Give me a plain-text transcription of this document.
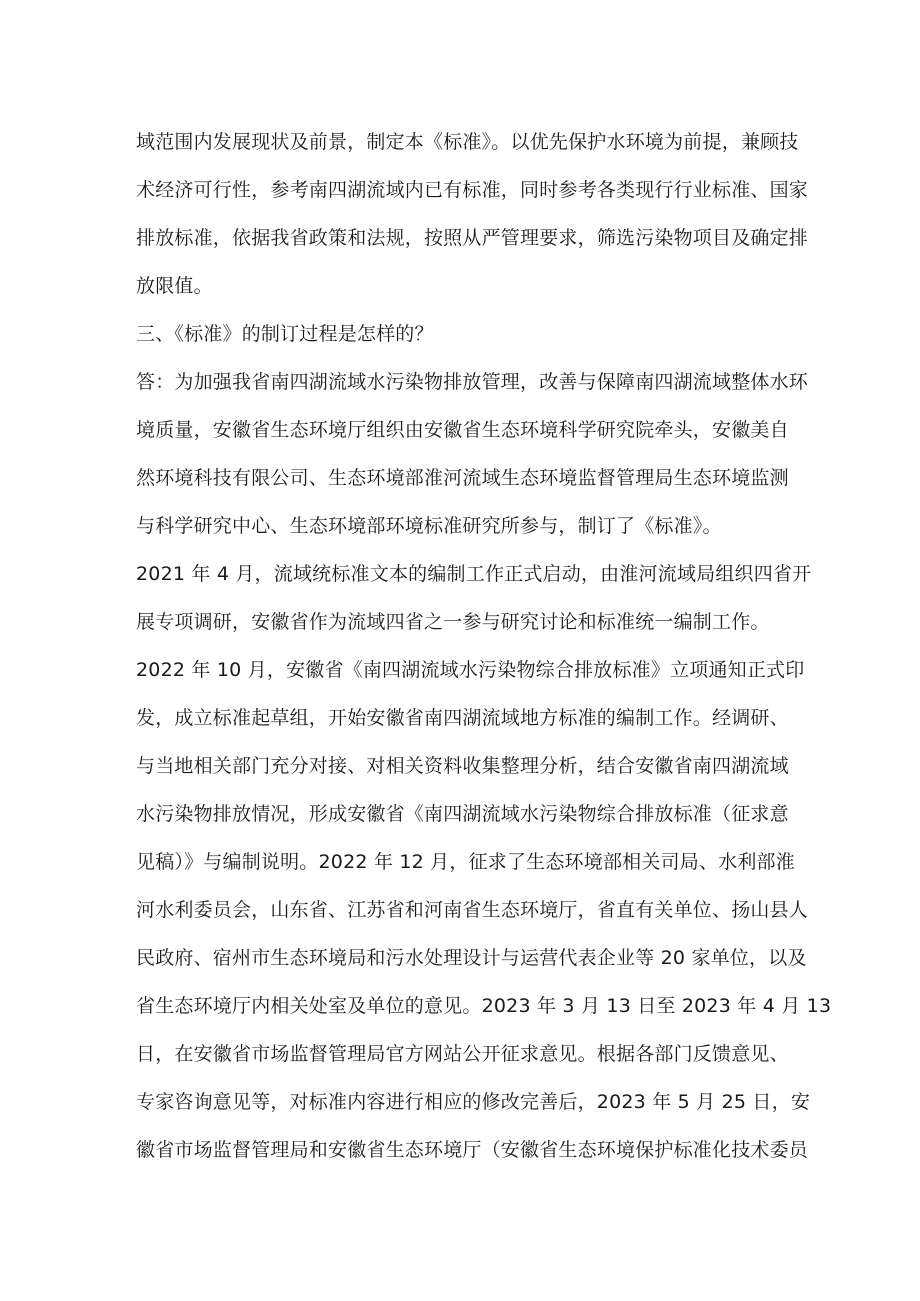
域范围内发展现状及前景，制定本《标准》。以优先保护水环境为前提，兼顾技
术经济可行性，参考南四湖流域内已有标准，同时参考各类现行行业标准、国家
排放标准，依据我省政策和法规，按照从严管理要求，筛选污染物项目及确定排
放限值。
三、《标准》的制订过程是怎样的？
答：为加强我省南四湖流域水污染物排放管理，改善与保障南四湖流域整体水环
境质量，安徽省生态环境厅组织由安徽省生态环境科学研究院牵头，安徽美自
然环境科技有限公司、生态环境部淮河流域生态环境监督管理局生态环境监测
与科学研究中心、生态环境部环境标准研究所参与，制订了《标准》。
2021 年 4 月，流域统标准文本的编制工作正式启动，由淮河流域局组织四省开
展专项调研，安徽省作为流域四省之一参与研究讨论和标准统一编制工作。
2022 年 10 月，安徽省《南四湖流域水污染物综合排放标准》立项通知正式印
发，成立标准起草组，开始安徽省南四湖流域地方标准的编制工作。经调研、
与当地相关部门充分对接、对相关资料收集整理分析，结合安徽省南四湖流域
水污染物排放情况，形成安徽省《南四湖流域水污染物综合排放标准（征求意
见稿）》与编制说明。2022 年 12 月，征求了生态环境部相关司局、水利部淮
河水利委员会，山东省、江苏省和河南省生态环境厅，省直有关单位、扬山县人
民政府、宿州市生态环境局和污水处理设计与运营代表企业等 20 家单位，以及
省生态环境厅内相关处室及单位的意见。2023 年 3 月 13 日至 2023 年 4 月 13
日，在安徽省市场监督管理局官方网站公开征求意见。根据各部门反馈意见、
专家咨询意见等，对标准内容进行相应的修改完善后，2023 年 5 月 25 日，安
徽省市场监督管理局和安徽省生态环境厅（安徽省生态环境保护标准化技术委员
